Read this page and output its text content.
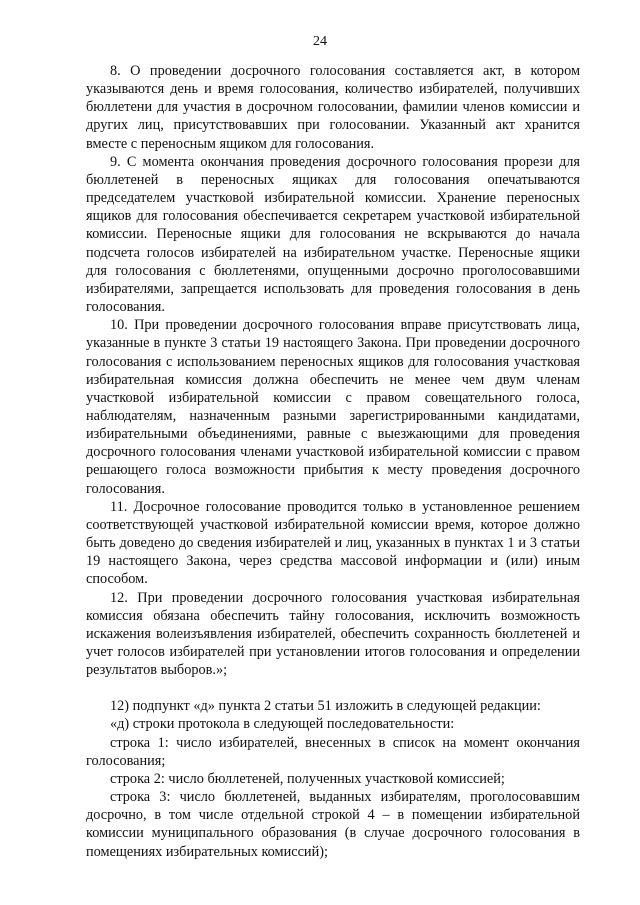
24

8. О проведении досрочного голосования составляется акт, в котором указываются день и время голосования, количество избирателей, получивших бюллетени для участия в досрочном голосовании, фамилии членов комиссии и других лиц, присутствовавших при голосовании. Указанный акт хранится вместе с переносным ящиком для голосования.

9. С момента окончания проведения досрочного голосования прорези для бюллетеней в переносных ящиках для голосования опечатываются председателем участковой избирательной комиссии. Хранение переносных ящиков для голосования обеспечивается секретарем участковой избирательной комиссии. Переносные ящики для голосования не вскрываются до начала подсчета голосов избирателей на избирательном участке. Переносные ящики для голосования с бюллетенями, опущенными досрочно проголосовавшими избирателями, запрещается использовать для проведения голосования в день голосования.

10. При проведении досрочного голосования вправе присутствовать лица, указанные в пункте 3 статьи 19 настоящего Закона. При проведении досрочного голосования с использованием переносных ящиков для голосования участковая избирательная комиссия должна обеспечить не менее чем двум членам участковой избирательной комиссии с правом совещательного голоса, наблюдателям, назначенным разными зарегистрированными кандидатами, избирательными объединениями, равные с выезжающими для проведения досрочного голосования членами участковой избирательной комиссии с правом решающего голоса возможности прибытия к месту проведения досрочного голосования.

11. Досрочное голосование проводится только в установленное решением соответствующей участковой избирательной комиссии время, которое должно быть доведено до сведения избирателей и лиц, указанных в пунктах 1 и 3 статьи 19 настоящего Закона, через средства массовой информации и (или) иным способом.

12. При проведении досрочного голосования участковая избирательная комиссия обязана обеспечить тайну голосования, исключить возможность искажения волеизъявления избирателей, обеспечить сохранность бюллетеней и учет голосов избирателей при установлении итогов голосования и определении результатов выборов.»;

12) подпункт «д» пункта 2 статьи 51 изложить в следующей редакции:

«д) строки протокола в следующей последовательности:

строка 1: число избирателей, внесенных в список на момент окончания голосования;

строка 2: число бюллетеней, полученных участковой комиссией;

строка 3: число бюллетеней, выданных избирателям, проголосовавшим досрочно, в том числе отдельной строкой 4 – в помещении избирательной комиссии муниципального образования (в случае досрочного голосования в помещениях избирательных комиссий);
